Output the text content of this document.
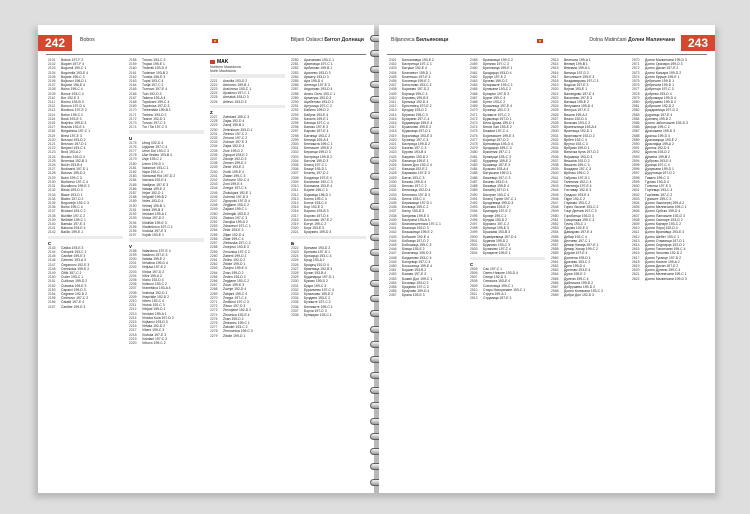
242	Bobos	Biljani Oslavci Битол Долнаци
2101	Bobos 197-F 2
2102	Bogdei 197-F 4
2103	Bogomil 190-C 1
2104	Bogomila 193-E 4
2105	Bojane 196-C 3
2106	Bojkovci 196-D 1
2107	Bojanci 196-E 4
2108	Bolno 199-C 4
2109	Bonce 193-C 4
2110	Bor 192-E 3
2111	Borino 193-B 3
2112	Borovo 197-D 4
2113	Bosilovo 197-E 2
2114	Botun 199-C 2
2115	Bouk 193-E 3
2116	Brajčino 199-D 3
2117	Brazda 192-E 4
2118	Bregalnica 197-C 1
2119	Brest 197-E 3
2120	Brezani 193-D 2
2121	Brezovo 197-D 1
2122	Brnjarci 193-C 4
2123	Brod 193-A 2
2124	Brodec 192-D 4
2125	Brvenica 192-B 3
2126	Bučin 193-B 4
2127	Budinarci 197-D 1
2128	Bukovo 199-D 2
2129	Bukri 199-C 3
2130	Burilčevo 197-C 4
2131	Buzalkovo 199-E 2
2132	Bitola 199-D 3
2133	Blace 193-D 1
2134	Blatec 197-D 2
2135	Bogovinje 192-C 3
2136	Bolno 199-C 4
2137	Brzdani 193-C 2
2138	Bučište 197-C 2
2139	Belčište 199-C 1
2140	Bansko 197-E 3
2141	Babuna 193-E 4
2142	Bačilo 199-E 1
C
2143	Čaška 193-E 3
2144	Čelopek 193-C 1
2145	Čanište 199-E 3
2146	Čelevec 193-A 3
2147	Čeganovo 192-E 3
2148	Čerešnica 199-E 2
2149	Čiflik 197-C 2
2150	Čučer 193-C 1
2151	Čučkovo 199-D 2
2152	Čukarka 199-E 3
2153	Čaparci 199-D 3
2154	Čegrane 192-D 2
2155	Češinovo 197-C 2
2156	Čalakli 197-E 4
2157	Čanište 199-E 3
2158	Trnovo 193-C 3
2159	Trojaci 199-E 1
2160	Trstenik 193-D 4
2161	Tudence 193-B 2
2162	Tumba 196-E 3
2163	Tupal 193-C 4
2164	Turija 197-C 2
2165	Turnovo 197-E 4
2166	Tuin 192-D 3
2167	Taževa 193-A 4
2168	Topolčani 199-C 4
2169	Topolnica 197-D 3
2170	Trebeništa 199-B 1
2171	Trebino 193-D 2
2172	Tearce 192-D 1
2173	Turovo 197-C 3
2174	Tur i Tai 197-C 3
U
2175	Ubog 192-D 4
2176	Ugljarce 197-C 4
2177	Umin Dol 193-C 3
2178	Ular Ilinden 193-B 4
2179	Usje 193-C 2
2180	Uzem 199-D 1
2181	Vaksince 193-C 1
2182	Vapa 192-C 4
2183	Vardarski Rid 197-D 2
2184	Varvara 192-E 4
2185	Vasiljevo 197-E 3
2186	Vatasa 199-E 2
2187	Vejce 192-D 1
2188	Velgošti 199-B 2
2189	Veles 193-D 4
2190	Velmej 199-B 1
2191	Veleš 199-B 3
2192	Vevčani 199-A 1
2193	Vinica 197-D 2
2194	Vitolište 199-E 3
2195	Vladimirovo 197-C 1
2196	Vodoča 197-E 3
2197	Vojnik 193-E 1
V
2198	Valandovo 197-E 4
2199	Vasilevo 197-E 3
2200	Vataša 199-E 2
2201	Velušina 199-D 4
2202	Veljusa 197-E 2
2203	Vinica 197-D 2
2204	Višni 199-A 2
2205	Vlaho 192-D 4
2206	Volkovo 193-C 2
2207	Vraneštica 193-A 4
2208	Vratnica 192-D 1
2209	Vrapčište 192-D 2
2210	Vrben 192-C 4
2211	Vrutok 192-C 3
2212	Vrbjani 199-D 1
2213	Vevčani 199-A 1
2214	Vinicka Kula 197-D 2
2215	Vojšanci 193-D 3
2216	Vešala 192-D 2
2217	Višeni 199-C 3
2218	Vodoča 197-E 3
2219	Voždani 197-C 3
2220	Vrbovo 199-C 2
MAK
Northern Macedonia
North Macedonia
2221	Arazliia 193-D 2
2222	Arbinovo 199-B 1
2223	Aračinovo 193-C 1
2224	Ajvatovci 197-C 1
2225	Armatuš 193-D 3
2226	Arilevo 193-D 3
Z
2227	Zabrčani 199-C 3
2228	Zajas 192-D 4
2229	Zavoj 199-B 2
2230	Zelenikovo 193-D 1
2231	Zletovo 197-C 2
2232	Zrnovci 197-C 2
2233	Zubovo 197-E 3
2234	Zajas 192-D 4
2235	Zrze 199-D 2
2236	Zgrupot 193-E 2
2237	Zdunje 192-D 3
2238	Zemen 199-E 2
2239	Zleće 193-E 2
2240	Zovik 199-E 4
2241	Zlatari 199-C 3
2242	Zubovce 192-C 4
2243	Zoni 199-E 4
2244	Zvegor 197-C 4
2245	Zlokukjani 192-E 1
2246	Zubrinci 197-D 3
2247	Zgropolci 197-D 4
2248	Zegljane 193-C 2
2249	Zajčani 199-C 1
2250	Zebrnjak 193-D 2
2251	Zlatovo 197-C 3
2252	Zavojka 199-D 2
2253	Zdravevci 197-C 1
2254	Zekir 193-E 3
2255	Ziljan 192-D 4
2256	Zlate 199-C 4
2257	Zletovska 197-C 2
2258	Zmejovo 193-E 3
2259	Zrnovska 197-C 2
2260	Žabeni 199-D 2
2261	Želino 192-D 2
2262	Žitoše 199-D 1
2263	Živojno 199-E 4
2264	Žvan 199-D 2
2265	Žeden 192-D 2
2266	Žegljane 193-C 2
2267	Žiovo 199-E 3
2268	Žužnje 192-D 4
2269	Žabjani 199-C 4
2270	Žvegor 197-C 4
2271	Žedilovo 197-C 3
2272	Žitovo 197-D 3
2273	Žerovjane 192-D 2
2274	Žirovnica 192-E 4
2275	Žvan 199-D 2
2276	Železnec 199-C 1
2277	Žabokrt 193-C 2
2278	Žernovnica 199-C 3
2279	Žitoše 199-D 1
2280	Арачиново 193-C 1
2281	Ајватовци 197-C 1
2282	Арбиново 199-B 1
2283	Арилево 193-D 3
2284	Армату 193-D 3
2285	Ара 199-D 4
2286	Ангелци 197-E 3
2287	Андоново 193-D 4
2288	Агино Село 193-C 1
2289	Арматуш 193-D 3
2290	Аџибегово 193-D 2
2291	Аргулица 197-C 2
2292	Бабино 199-D 2
2293	Бабуна 193-E 4
2294	Бачило 199-E 1
2295	Баница 197-C 4
2296	Банско 197-E 3
2297	Барово 197-E 4
2298	Батинци 193-C 2
2299	Белица 193-A 4
2300	Белчишта 199-C 1
2301	Бегниште 199-E 2
2302	Беранци 199-D 3
2303	Бистрица 199-D 2
2304	Битола 199-D 3
2305	Благој 197-C 1
2306	Блаце 193-D 1
2307	Блатец 197-D 2
2308	Богданци 197-E 4
2309	Боговиње 192-C 3
2310	Богомила 193-E 4
2311	Бојане 196-C 3
2312	Бојковци 196-D 1
2313	Болно 199-C 4
2314	Бонче 193-C 4
2315	Бор 192-E 3
2316	Борино 193-B 3
2317	Борово 197-D 4
2318	Босилово 197-E 2
2319	Ботун 199-C 2
2320	Боук 193-E 3
2321	Брајчино 199-D 3
Б
2322	Брезани 193-D 2
2323	Брезово 197-D 1
2324	Брњарци 193-C 4
2325	Брод 193-A 2
2326	Бродец 192-D 4
2327	Брвеница 192-B 3
2328	Бучин 193-B 4
2329	Будинарци 197-D 1
2330	Буково 199-D 2
2331	Букри 199-C 3
2332	Бурилчево 197-C 4
2333	Бузалково 199-E 2
2334	Брздани 193-C 2
2335	Бучиште 197-C 2
2336	Белчиште 199-C 1
2337	Борчи 197-D 3
2338	Бунарџик 193-C 1
Biljanovca Бильяновци	Dolna Matinčani Долни Малинчани	243
2401	Бильяновци 193-E 2
2402	Бистренци 197-C 1
2403	Битуше 192-E 4
2404	Благовест 199-D 1
2405	Блатешко 197-E 3
2406	Богоевци 199-E 2
2407	Богослово 193-C 3
2408	Бојаново 197-D 2
2409	Бојница 199-C 4
2410	Боровец 199-B 3
2411	Брезица 192-D 4
2412	Брестовец 197-E 2
2413	Бродар 193-D 2
2414	Брусник 199-C 3
2415	Бугарани 197-C 4
2416	Будимирци 199-E 4
2417	Бузалково 199-E 2
2418	Бујаковци 197-D 1
2419	Буриловци 193-E 3
2420	Бучинци 197-C 3
2421	Бистрица 199-D 2
2422	Бачево 197-C 3
2423	Бурово 193-B 4
2424	Бакрево 193-D 2
2425	Баланци 199-E 1
2426	Балин Дол 192-C 4
2427	Бањица 192-E 2
2428	Бараково 197-E 3
2429	Батин 193-C 3
2430	Безово 199-D 4
2431	Белово 197-C 2
2432	Беличица 192-D 4
2433	Белотино 197-D 3
2434	Бенче 193-C 4
2435	Бериковци 197-D 1
2436	Бесвица 199-C 2
2437	Бигор 193-D 3
2438	Билјаник 199-E 3
2439	Бистрани 193-A 3
2440	Благовештенска 197-C 1
2441	Бланица 192-D 3
2442	Блашковци 199-E 2
2443	Бобиште 192-E 4
2444	Бобовци 197-D 2
2445	Бобошица 199-C 3
2446	Бовци 193-E 2
2447	Богатинци 199-D 3
2448	Богданово 193-C 4
2449	Богојевци 197-C 4
2450	Богоштица 199-E 4
2451	Бојшин 193-B 2
2452	Бокови 197-E 3
2453	Божин Дол 199-C 1
2454	Бочанци 193-D 2
2455	Брајково 197-C 2
2456	Брајлово 199-D 4
2457	Брана 193-E 3
2458	Бранковци 199-C 2
2459	Брезник 197-C 3
2460	Бреговица 199-E 1
2461	Бродарци 193-D 4
2462	Брусје 197-E 2
2463	Брчево 199-D 2
2464	Бугариште 193-C 1
2465	Булачани 193-C 2
2466	Бунарче 197-D 3
2467	Бурче 199-C 4
2468	Бутел 193-C 2
2469	Бушилица 197-E 4
2470	Бучинци 193-C 3
2471	Бучиште 197-C 2
2472	Бујаковци 197-D 1
2473	Бела Црква 199-D 1
2474	Бегов Хан 193-E 2
2475	Бежани 197-C 4
2476	Бојанчиште 199-E 3
2477	Бојанци 197-D 2
2478	Брезовица 193-D 4
2479	Бродарци 199-C 3
2480	Букоеник 197-C 1
2481	Бункерци 193-C 3
2482	Бурдинци 199-E 2
2483	Бушинци 197-E 3
2484	Бучково 193-A 4
2485	Битушани 199-D 1
2486	Бишевци 197-C 3
2487	Бичево 193-D 3
2488	Бизовци 199-E 4
2489	Билабеј 197-D 4
2490	Бистрие 193-C 4
2491	Благој Ѓорев 197-C 1
2492	Бродевица 199-D 3
2493	Бресква 193-E 2
2494	Бригадир 197-E 2
2495	Бровје 199-C 2
2496	Бундак 193-D 2
2497	Бурсало 197-C 2
2498	Бутинци 199-E 3
2499	Бушомак 193-B 3
2500	Букваревица 197-D 4
2501	Бујанов 199-D 2
2502	Бујаново 193-C 3
2503	Бучиново 197-C 4
2504	Бунарите 199-E 1
C
2505	Сас 197-C 1
2506	Свети Николе 193-D 4
2507	Селце 192-D 3
2508	Сеништа 193-E 4
2509	Сопотница 199-C 1
2510	Старо Нагоричане 193-C 1
2511	Струга 199-A 1
2512	Струмица 197-E 2
2513	Велешта 199-A 1
2514	Велмеј 199-B 1
2515	Вевчани 199-A 1
2516	Виница 197-D 2
2517	Витолиште 199-E 3
2518	Владимирово 197-C 1
2519	Водоча 197-E 3
2520	Војник 193-E 1
2521	Валандово 197-E 4
2522	Василево 197-E 3
2523	Ваташа 199-E 2
2524	Велушина 199-D 4
2525	Вељуса 197-E 2
2526	Вишни 199-A 2
2527	Влахо 192-D 4
2528	Волково 193-C 2
2529	Вранештица 193-A 4
2530	Вратница 192-D 1
2531	Врапчиште 192-D 2
2532	Врбен 192-C 4
2533	Вруток 192-C 3
2534	Врбјани 199-D 1
2535	Виничка Кула 197-D 2
2536	Војшанци 193-D 3
2537	Вешала 192-D 2
2538	Вишени 199-C 3
2539	Вождани 197-C 3
2540	Врбово 199-C 2
2541	Габрово 197-D 1
2542	Галичник 192-C 4
2543	Гевгелија 197-E 4
2544	Гостивар 192-D 3
2545	Градско 193-E 4
2546	Гајре 192-C 2
2547	Глумово 193-C 2
2548	Горно Лисиче 193-C 2
2549	Гоце Делчев 197-C 3
2550	Горобинци 193-D 3
2551	Граорешка 199-C 3
2552	Грчец 193-C 1
2553	Гурумо 192-E 3
2554	Давидово 197-E 4
2555	Дебар 192-C 4
2556	Делчево 197-C 1
2557	Демир Капија 197-E 1
2558	Демир Хисар 199-C 2
2559	Дојран 197-E 4
2560	Долнени 199-D 1
2561	Драчево 193-C 2
2562	Дрен 199-D 4
2563	Дреново 193-E 4
2564	Дуње 199-E 2
2565	Дупени 199-C 4
2566	Дабништа 199-D 2
2567	Добрушево 199-D 2
2568	Долно Количани 193-C 3
2569	Добри Дол 192-D 3
2570	Долни Малинчани 199-D 3
2571	Долно Оризари 199-D 3
2572	Долно Дисан 197-E 2
2573	Долно Коњари 199-D 2
2574	Долно Крушје 199-E 1
2575	Дебреште 199-D 1
2576	Дебрешта 199-D 1
2577	Добренци 197-C 3
2578	Добрево 193-D 4
2579	Добромири 199-D 4
2580	Добрушево 199-D 2
2581	Доброште 192-D 2
2582	Дождовница 197-D 3
2583	Дојранци 197-E 4
2584	Долгаец 199-D 2
2585	Долно Јаболчиште 193-D 3
2586	Дворце 199-C 2
2587	Драгожани 199-D 3
2588	Драгош 199-D 4
2589	Драгомирци 193-E 2
2590	Драслајца 199-A 2
2591	Дренок 192-D 4
2592	Дрисла 193-D 2
2593	Дрмени 199-B 2
2594	Дуброво 193-E 4
2595	Дулица 197-C 4
2596	Дупјачани 199-D 1
2597	Дурутовци 197-D 2
2598	Ѓавато 199-C 3
2599	Ѓурово 193-D 4
2600	Ѓопчели 197-E 3
2601	Ѓорѓевци 193-C 4
2602	Ѓорѓиево 197-C 2
2603	Ѓуриште 199-C 2
2604	Долно Лакочереј 199-A 2
2605	Долно Мелничани 199-C 1
2606	Долно Србско 199-D 4
2607	Долно Палчиште 192-D 3
2608	Долно Свиларе 193-D 2
2609	Долно Ќојнаре 193-C 2
2610	Долни Пороj 192-D 4
2611	Долно Врановци 193-E 3
2612	Долно Шебет 193-C 1
2613	Долно Стаманци 197-D 1
2614	Долно Седларце 192-D 2
2615	Долно Тополчани 199-C 4
2616	Долно Челопек 192-D 2
2617	Долно Ѓуганце 197-D 2
2618	Долно Коселе 199-A 2
2619	Долни Дисан 197-E 2
2620	Долно Дупени 199-C 4
2621	Долно Мелничани 199-C 1
2622	Долно Малинчани 199-D 3
